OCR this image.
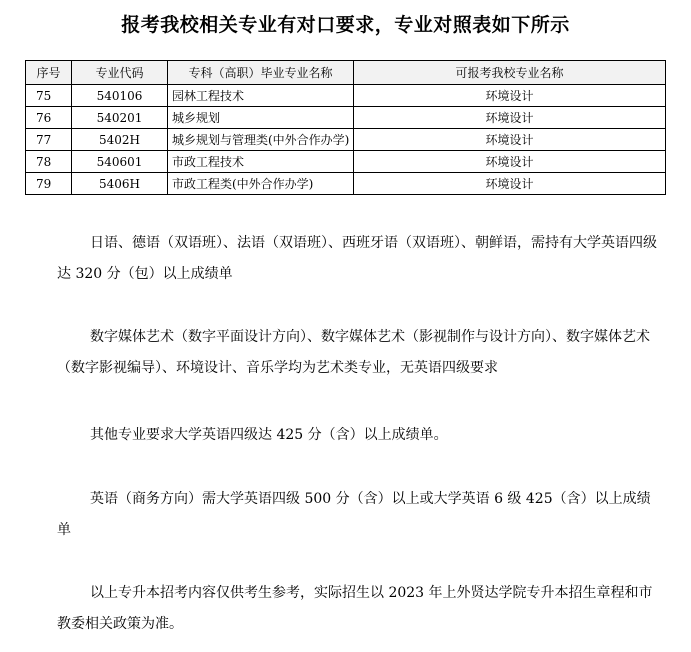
报考我校相关专业有对口要求，专业对照表如下所示
序号	专业代码	专科（高职）毕业专业名称	可报考我校专业名称
75	540106	园林工程技术	环境设计
76	540201	城乡规划	环境设计
77	5402H	城乡规划与管理类(中外合作办学)	环境设计
78	540601	市政工程技术	环境设计
79	5406H	市政工程类(中外合作办学)	环境设计

日语、德语（双语班）、法语（双语班）、西班牙语（双语班）、朝鲜语，需持有大学英语四级达 320 分（包）以上成绩单

数字媒体艺术（数字平面设计方向）、数字媒体艺术（影视制作与设计方向）、数字媒体艺术（数字影视编导）、环境设计、音乐学均为艺术类专业，无英语四级要求

其他专业要求大学英语四级达 425 分（含）以上成绩单。

英语（商务方向）需大学英语四级 500 分（含）以上或大学英语 6 级 425（含）以上成绩单

以上专升本招考内容仅供考生参考，实际招生以 2023 年上外贤达学院专升本招生章程和市教委相关政策为准。
